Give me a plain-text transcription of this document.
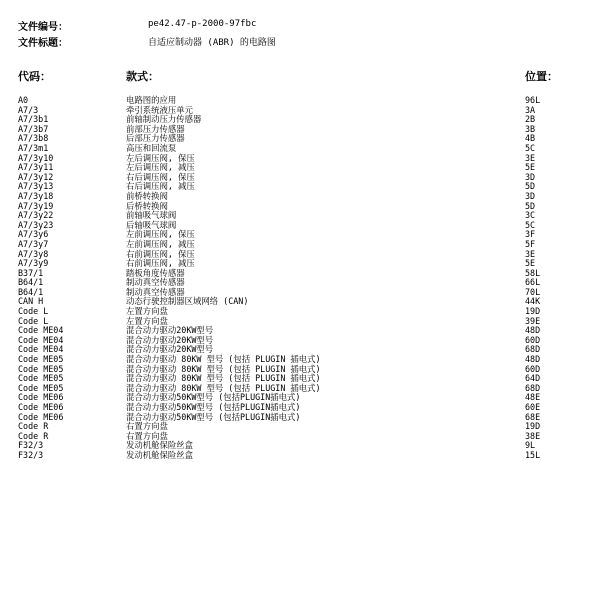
文件编号：	pe42.47-p-2000-97fbc
文件标题：	自适应制动器 (ABR) 的电路图
代码：	款式：	位置：
A0	电路图的应用	96L
A7/3	牵引系统液压单元	3A
A7/3b1	前轴制动压力传感器	2B
A7/3b7	前部压力传感器	3B
A7/3b8	后部压力传感器	4B
A7/3m1	高压和回流泵	5C
A7/3y10	左后调压阀, 保压	3E
A7/3y11	左后调压阀, 减压	5E
A7/3y12	右后调压阀, 保压	3D
A7/3y13	右后调压阀, 减压	5D
A7/3y18	前桥转换阀	3D
A7/3y19	后桥转换阀	5D
A7/3y22	前轴吸气球阀	3C
A7/3y23	后轴吸气球阀	5C
A7/3y6	左前调压阀, 保压	3F
A7/3y7	左前调压阀, 减压	5F
A7/3y8	右前调压阀, 保压	3E
A7/3y9	右前调压阀, 减压	5E
B37/1	踏板角度传感器	58L
B64/1	制动真空传感器	66L
B64/1	制动真空传感器	70L
CAN H	动态行驶控制器区域网络 (CAN)	44K
Code L	左置方向盘	19D
Code L	左置方向盘	39E
Code ME04	混合动力驱动20KW型号	48D
Code ME04	混合动力驱动20KW型号	60D
Code ME04	混合动力驱动20KW型号	68D
Code ME05	混合动力驱动 80KW 型号 (包括 PLUGIN 插电式)	48D
Code ME05	混合动力驱动 80KW 型号 (包括 PLUGIN 插电式)	60D
Code ME05	混合动力驱动 80KW 型号 (包括 PLUGIN 插电式)	64D
Code ME05	混合动力驱动 80KW 型号 (包括 PLUGIN 插电式)	68D
Code ME06	混合动力驱动50KW型号 (包括PLUGIN插电式)	48E
Code ME06	混合动力驱动50KW型号 (包括PLUGIN插电式)	60E
Code ME06	混合动力驱动50KW型号 (包括PLUGIN插电式)	68E
Code R	右置方向盘	19D
Code R	右置方向盘	38E
F32/3	发动机舱保险丝盒	9L
F32/3	发动机舱保险丝盒	15L
